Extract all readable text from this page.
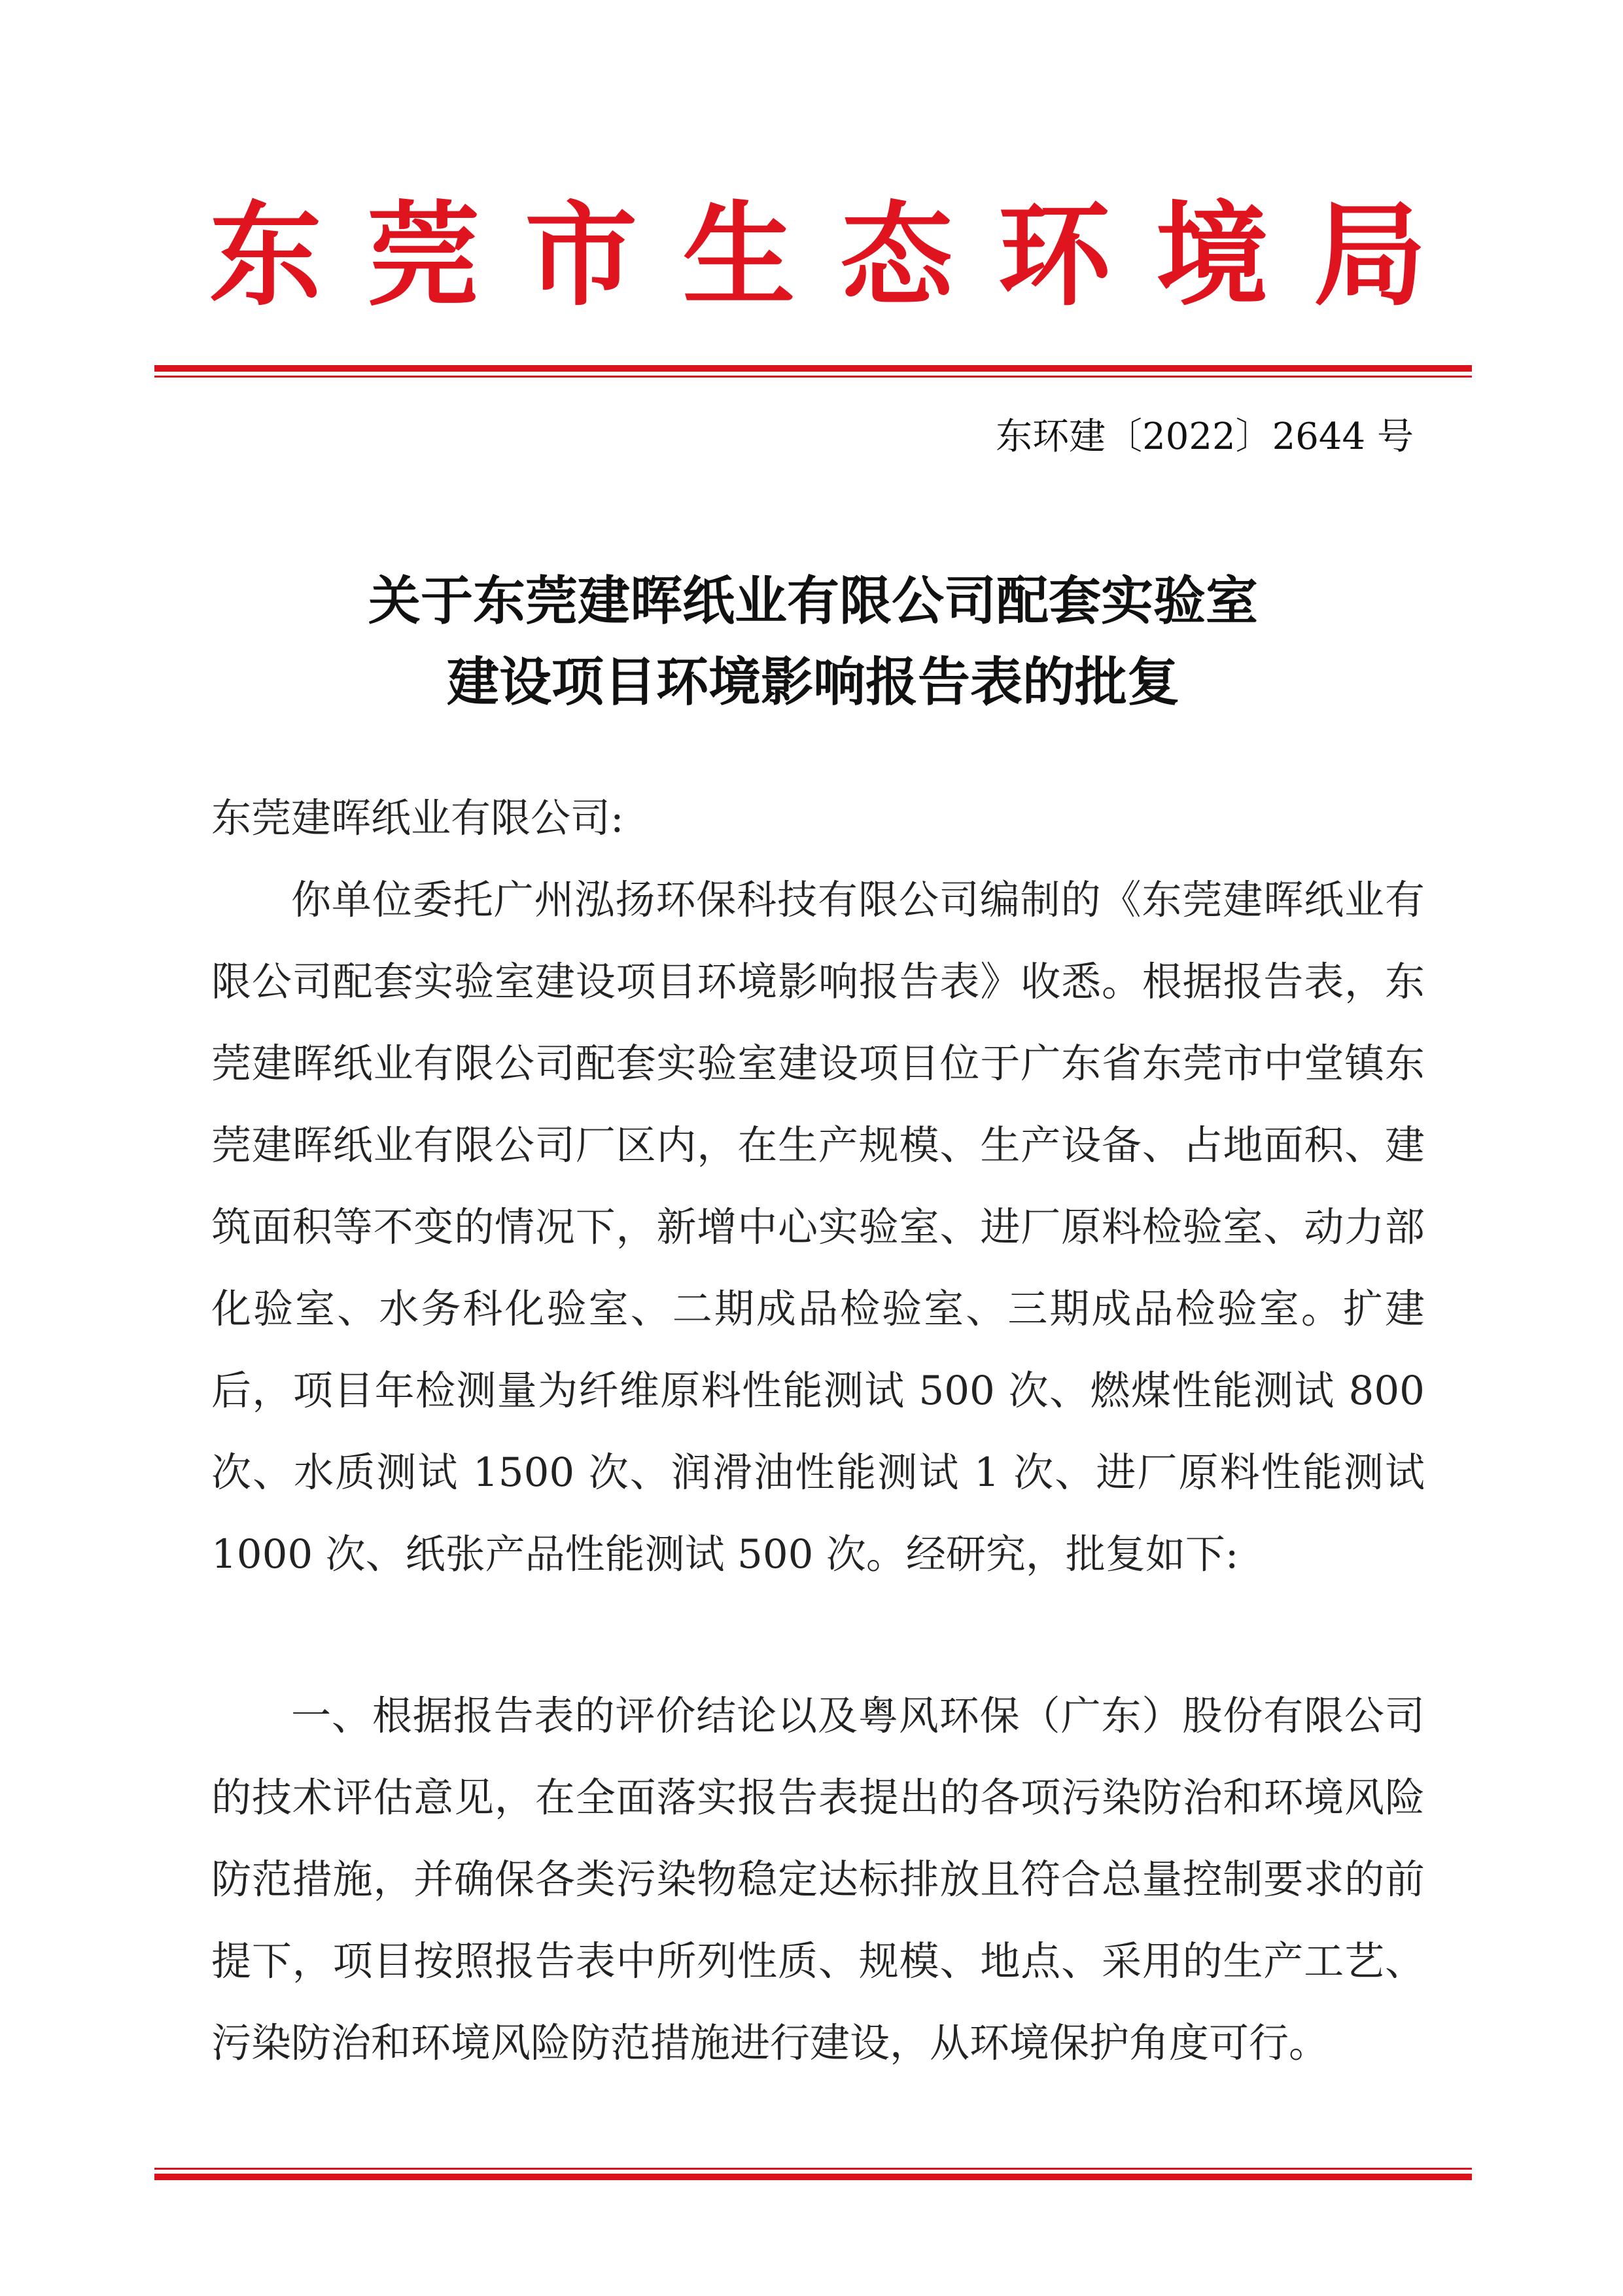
东 莞 市 生 态 环 境 局
东环建〔2022〕2644 号
关于东莞建晖纸业有限公司配套实验室
建设项目环境影响报告表的批复
东莞建晖纸业有限公司:

你单位委托广州泓扬环保科技有限公司编制的《东莞建晖纸业有限公司配套实验室建设项目环境影响报告表》收悉。根据报告表，东莞建晖纸业有限公司配套实验室建设项目位于广东省东莞市中堂镇东莞建晖纸业有限公司厂区内，在生产规模、生产设备、占地面积、建筑面积等不变的情况下，新增中心实验室、进厂原料检验室、动力部化验室、水务科化验室、二期成品检验室、三期成品检验室。扩建后，项目年检测量为纤维原料性能测试 500 次、燃煤性能测试 800 次、水质测试 1500 次、润滑油性能测试 1 次、进厂原料性能测试 1000 次、纸张产品性能测试 500 次。经研究，批复如下:

一、根据报告表的评价结论以及粤风环保（广东）股份有限公司的技术评估意见，在全面落实报告表提出的各项污染防治和环境风险防范措施，并确保各类污染物稳定达标排放且符合总量控制要求的前提下，项目按照报告表中所列性质、规模、地点、采用的生产工艺、污染防治和环境风险防范措施进行建设，从环境保护角度可行。
